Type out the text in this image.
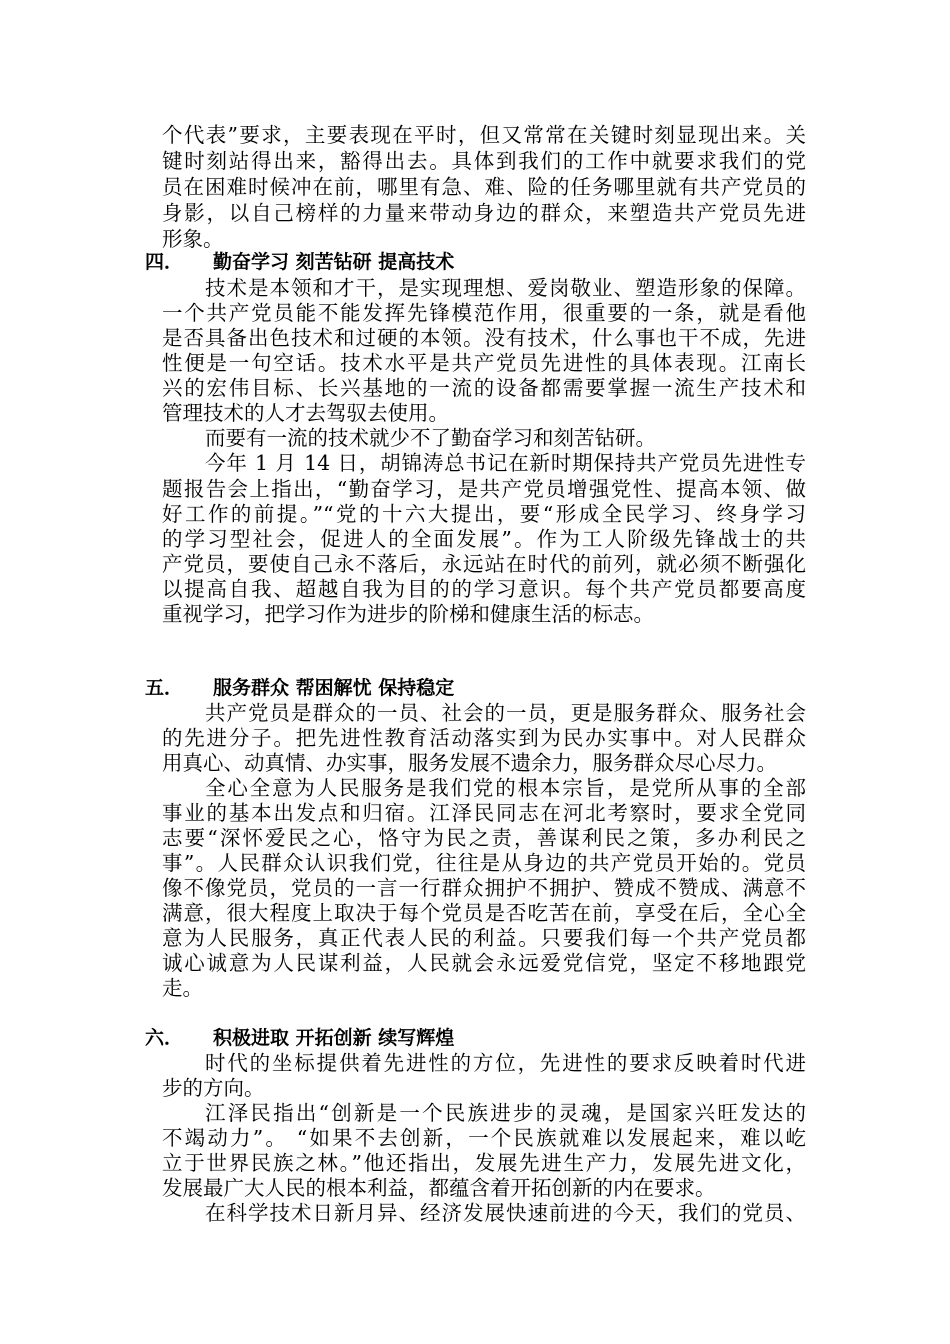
个代表”要求，主要表现在平时，但又常常在关键时刻显现出来。关
键时刻站得出来，豁得出去。具体到我们的工作中就要求我们的党
员在困难时候冲在前，哪里有急、难、险的任务哪里就有共产党员的
身影，以自己榜样的力量来带动身边的群众，来塑造共产党员先进
形象。
四． 勤奋学习 刻苦钻研 提高技术
技术是本领和才干，是实现理想、爱岗敬业、塑造形象的保障。
一个共产党员能不能发挥先锋模范作用，很重要的一条，就是看他
是否具备出色技术和过硬的本领。没有技术，什么事也干不成，先进
性便是一句空话。技术水平是共产党员先进性的具体表现。江南长
兴的宏伟目标、长兴基地的一流的设备都需要掌握一流生产技术和
管理技术的人才去驾驭去使用。
而要有一流的技术就少不了勤奋学习和刻苦钻研。
今年 1 月 14 日，胡锦涛总书记在新时期保持共产党员先进性专
题报告会上指出，“勤奋学习，是共产党员增强党性、提高本领、做
好工作的前提。”“党的十六大提出，要“形成全民学习、终身学习
的学习型社会，促进人的全面发展”。作为工人阶级先锋战士的共
产党员，要使自己永不落后，永远站在时代的前列，就必须不断强化
以提高自我、超越自我为目的的学习意识。每个共产党员都要高度
重视学习，把学习作为进步的阶梯和健康生活的标志。
五． 服务群众 帮困解忧 保持稳定
共产党员是群众的一员、社会的一员，更是服务群众、服务社会
的先进分子。把先进性教育活动落实到为民办实事中。对人民群众
用真心、动真情、办实事，服务发展不遗余力，服务群众尽心尽力。
全心全意为人民服务是我们党的根本宗旨，是党所从事的全部
事业的基本出发点和归宿。江泽民同志在河北考察时，要求全党同
志要“深怀爱民之心，恪守为民之责，善谋利民之策，多办利民之
事”。人民群众认识我们党，往往是从身边的共产党员开始的。党员
像不像党员，党员的一言一行群众拥护不拥护、赞成不赞成、满意不
满意，很大程度上取决于每个党员是否吃苦在前，享受在后，全心全
意为人民服务，真正代表人民的利益。只要我们每一个共产党员都
诚心诚意为人民谋利益，人民就会永远爱党信党，坚定不移地跟党
走。
六． 积极进取 开拓创新 续写辉煌
时代的坐标提供着先进性的方位，先进性的要求反映着时代进
步的方向。
江泽民指出“创新是一个民族进步的灵魂，是国家兴旺发达的
不竭动力”。 “如果不去创新，一个民族就难以发展起来，难以屹
立于世界民族之林。”他还指出，发展先进生产力，发展先进文化，
发展最广大人民的根本利益，都蕴含着开拓创新的内在要求。
在科学技术日新月异、经济发展快速前进的今天，我们的党员、
